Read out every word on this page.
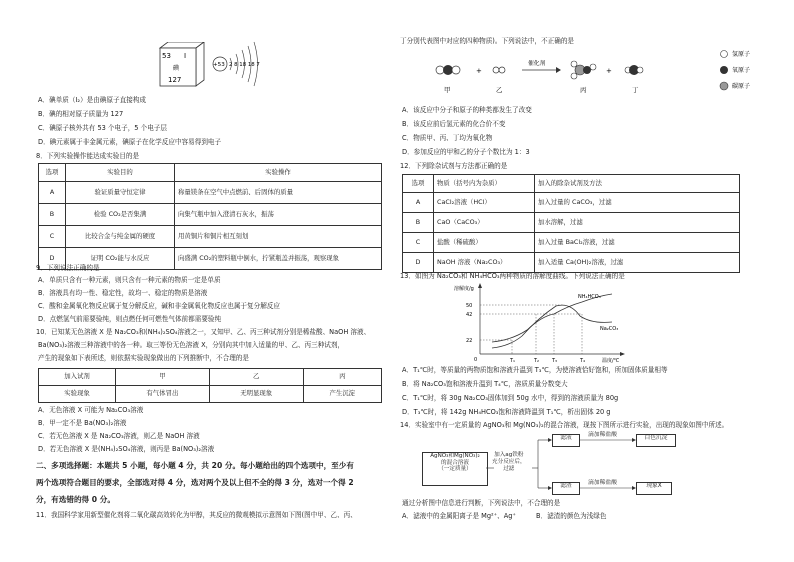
53 I
碘
127
+53 2 8 18 18 7
A．碘单质（I₂）是由碘原子直接构成
B．碘的相对原子质量为 127
C．碘原子核外共有 53 个电子，5 个电子层
D．碘元素属于非金属元素，碘原子在化学反应中容易得到电子
8．下列实验操作能达成实验目的是
选项	实验目的	实验操作
A	验证质量守恒定律	称量镁条在空气中点燃前、后固体的质量
B	检验 CO₂是否集满	向集气瓶中加入澄清石灰水，振荡
C	比较合金与纯金属的硬度	用黄铜片和铜片相互刻划
D	证明 CO₂能与水反应	向盛满 CO₂的塑料瓶中倒水，拧紧瓶盖并振荡，观察现象
9．下列说法正确的是
A．单质只含有一种元素，则只含有一种元素的物质一定是单质
B．溶液具有均一性、稳定性，故均一、稳定的物质是溶液
C．酸和金属氧化物反应属于复分解反应，碱和非金属氧化物反应也属于复分解反应
D．点燃氢气前需要验纯，则点燃任何可燃性气体前都需要验纯
10．已知某无色溶液 X 是 Na₂CO₃和(NH₄)₂SO₄溶液之一，又知甲、乙、丙三种试剂分别是稀盐酸、NaOH 溶液、
Ba(NO₃)₂溶液三种溶液中的各一种。取三等份无色溶液 X，分别向其中加入适量的甲、乙、丙三种试剂，
产生的现象如下表所述，则依据实验现象做出的下列推断中，不合理的是
加入试剂	甲	乙	丙
实验现象	有气体冒出	无明显现象	产生沉淀
A．无色溶液 X 可能为 Na₂CO₃溶液
B．甲一定不是 Ba(NO₃)₂溶液
C．若无色溶液 X 是 Na₂CO₃溶液，则乙是 NaOH 溶液
D．若无色溶液 X 是(NH₄)₂SO₄溶液，则丙是 Ba(NO₃)₂溶液
二、多项选择题：本题共 5 小题，每小题 4 分，共 20 分。每小题给出的四个选项中，至少有
两个选项符合题目的要求，全部选对得 4 分，选对两个及以上但不全的得 3 分，选对一个得 2
分，有选错的得 0 分。
11．我国科学家用新型催化剂将二氧化碳高效转化为甲醇，其反应的微观模拟示意图如下图(图中甲、乙、丙、
丁分别代表图中对应的四种物质)。下列说法中，不正确的是
+
催化剂
+
甲	乙	丙	丁
氢原子
氧原子
碳原子
A．该反应中分子和原子的种类都发生了改变
B．该反应前后氢元素的化合价不变
C．物质甲、丙、丁均为氧化物
D．参加反应的甲和乙的分子个数比为 1：3
12．下列除杂试剂与方法都正确的是
选项	物质（括号内为杂质）	加入的除杂试剂及方法
A	CaCl₂溶液（HCl）	加入过量的 CaCO₃，过滤
B	CaO（CaCO₃）	加水溶解，过滤
C	盐酸（稀硫酸）	加入过量 BaCl₂溶液，过滤
D	NaOH 溶液（Na₂CO₃）	加入适量 Ca(OH)₂溶液，过滤
13．如图为 Na₂CO₃和 NH₄HCO₃两种物质的溶解度曲线。下列说法正确的是
溶解度/g
温度/℃
0
50
42
22
T₁	T₂	T₃	T₄
NH₄HCO₃
Na₂CO₃
A．T₁℃时，等质量的两物质饱和溶液升温到 T₃℃，为使溶液恰好饱和，所加固体质量相等
B．将 Na₂CO₃饱和溶液升温到 T₄℃，溶质质量分数变大
C．T₁℃时，将 30g Na₂CO₃固体加到 50g 水中，得到的溶液质量为 80g
D．T₃℃时，将 142g NH₄HCO₃饱和溶液降温到 T₁℃，析出固体 20 g
14．实验室中有一定质量的 AgNO₃和 Mg(NO₃)₂的混合溶液，现按下图所示进行实验，出现的现象如图中所述。
AgNO₃和Mg(NO₃)₂
的混合溶液
（一定质量）
加入ag铁粉
充分反应后，
过滤
滤液
滤渣
滴加稀盐酸
滴加稀盐酸
白色沉淀
现象X
通过分析图中信息进行判断，下列说法中，不合理的是
A．滤液中的金属阳离子是 Mg²⁺、Ag⁺	B．滤渣的颜色为浅绿色
